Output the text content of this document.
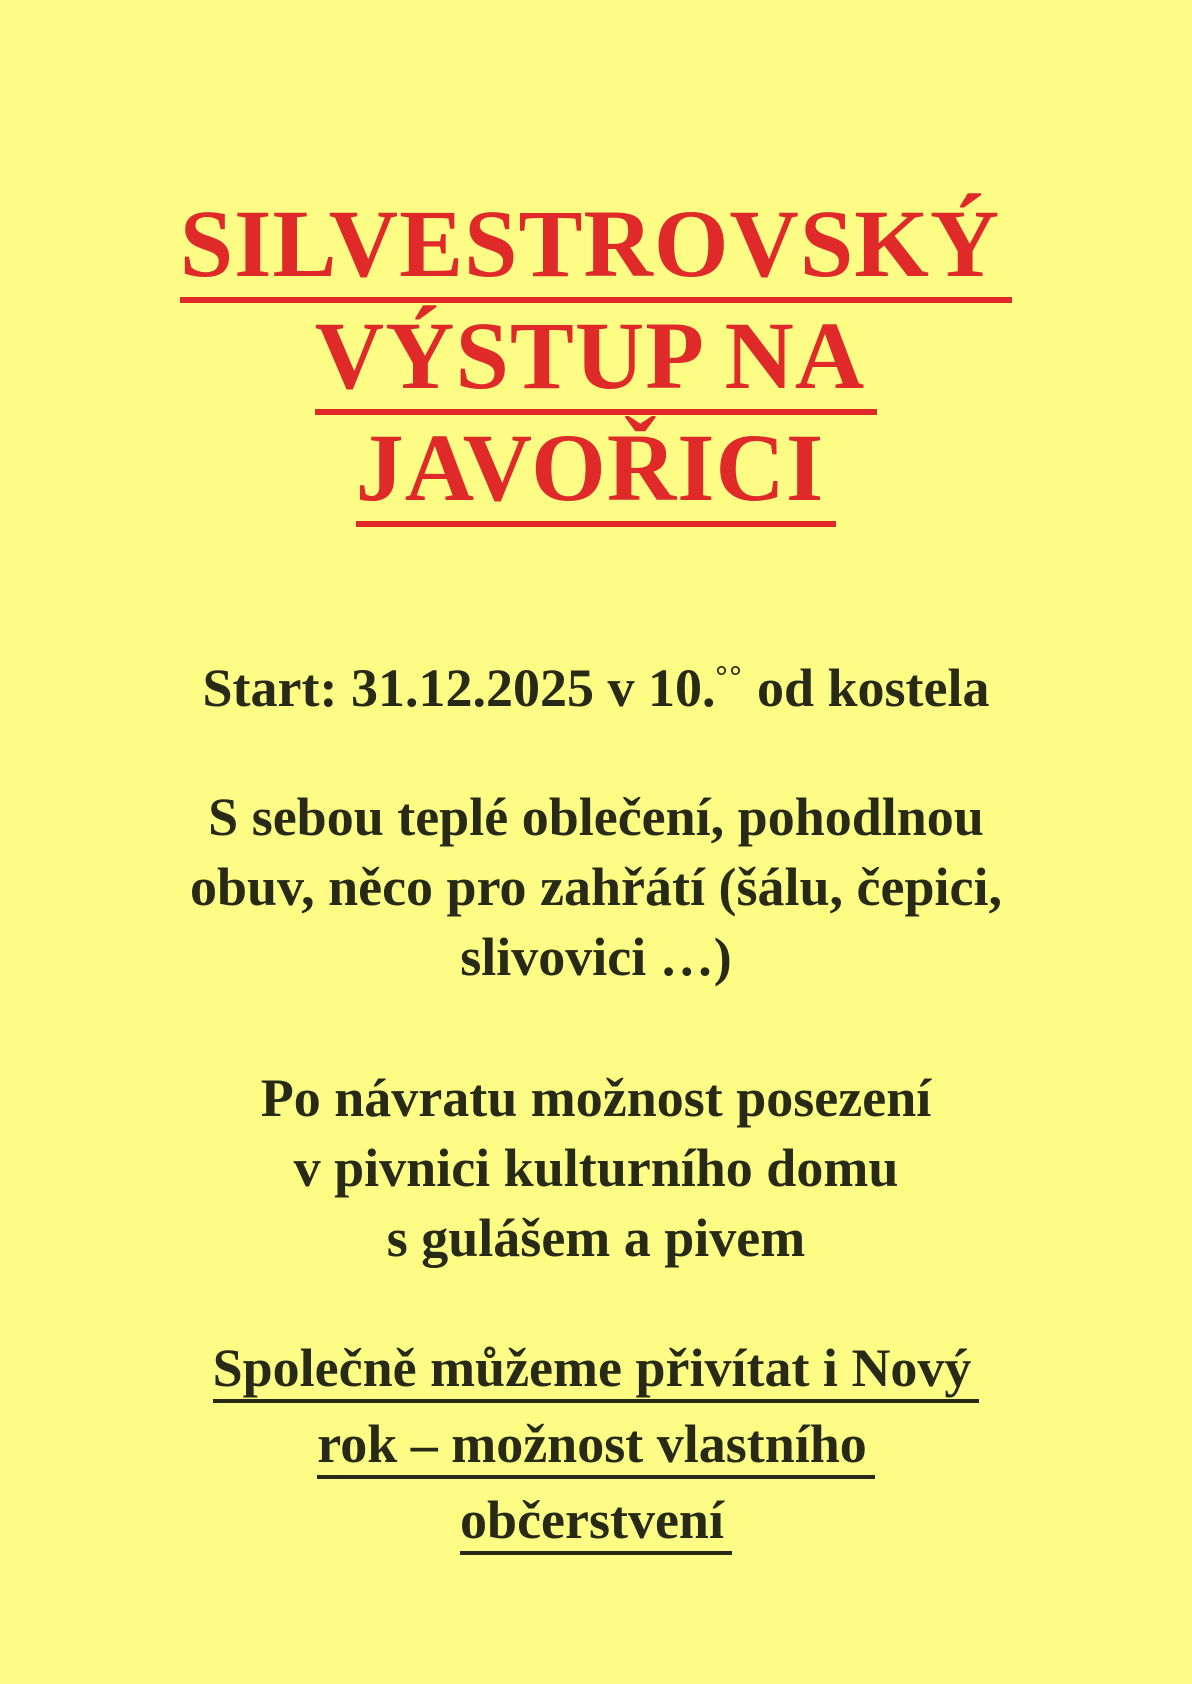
SILVESTROVSKÝ
VÝSTUP NA
JAVOŘICI
Start: 31.12.2025 v 10.°° od kostela
S sebou teplé oblečení, pohodlnou
obuv, něco pro zahřátí (šálu, čepici,
slivovici …)
Po návratu možnost posezení
v pivnici kulturního domu
s gulášem a pivem
Společně můžeme přivítat i Nový
rok – možnost vlastního
občerstvení
